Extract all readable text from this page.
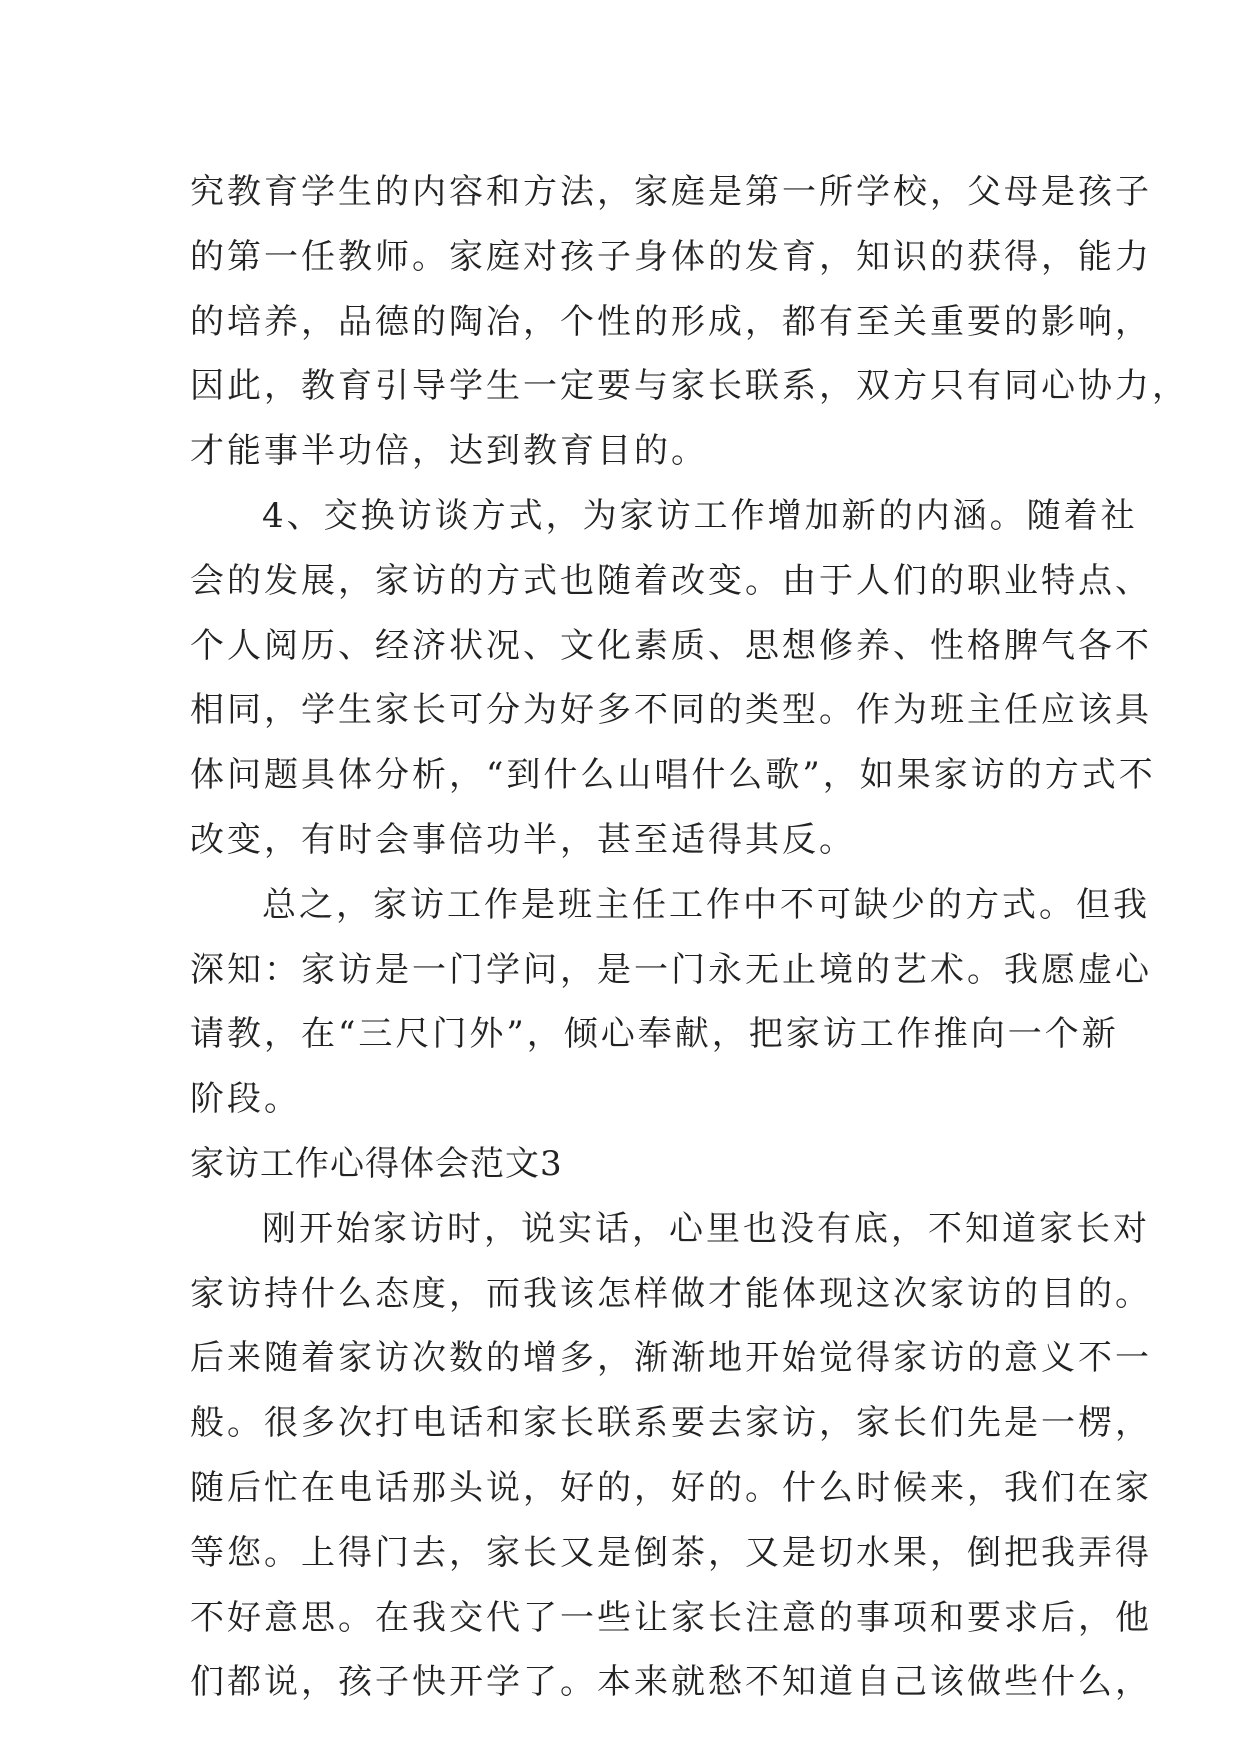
究教育学生的内容和方法，家庭是第一所学校，父母是孩子
的第一任教师。家庭对孩子身体的发育，知识的获得，能力
的培养，品德的陶冶，个性的形成，都有至关重要的影响，
因此，教育引导学生一定要与家长联系，双方只有同心协力，
才能事半功倍，达到教育目的。
4、交换访谈方式，为家访工作增加新的内涵。随着社
会的发展，家访的方式也随着改变。由于人们的职业特点、
个人阅历、经济状况、文化素质、思想修养、性格脾气各不
相同，学生家长可分为好多不同的类型。作为班主任应该具
体问题具体分析，“到什么山唱什么歌”，如果家访的方式不
改变，有时会事倍功半，甚至适得其反。
总之，家访工作是班主任工作中不可缺少的方式。但我
深知：家访是一门学问，是一门永无止境的艺术。我愿虚心
请教，在“三尺门外”，倾心奉献，把家访工作推向一个新
阶段。
家访工作心得体会范文3
刚开始家访时，说实话，心里也没有底，不知道家长对
家访持什么态度，而我该怎样做才能体现这次家访的目的。
后来随着家访次数的增多，渐渐地开始觉得家访的意义不一
般。很多次打电话和家长联系要去家访，家长们先是一楞，
随后忙在电话那头说，好的，好的。什么时候来，我们在家
等您。上得门去，家长又是倒茶，又是切水果，倒把我弄得
不好意思。在我交代了一些让家长注意的事项和要求后，他
们都说，孩子快开学了。本来就愁不知道自己该做些什么，
